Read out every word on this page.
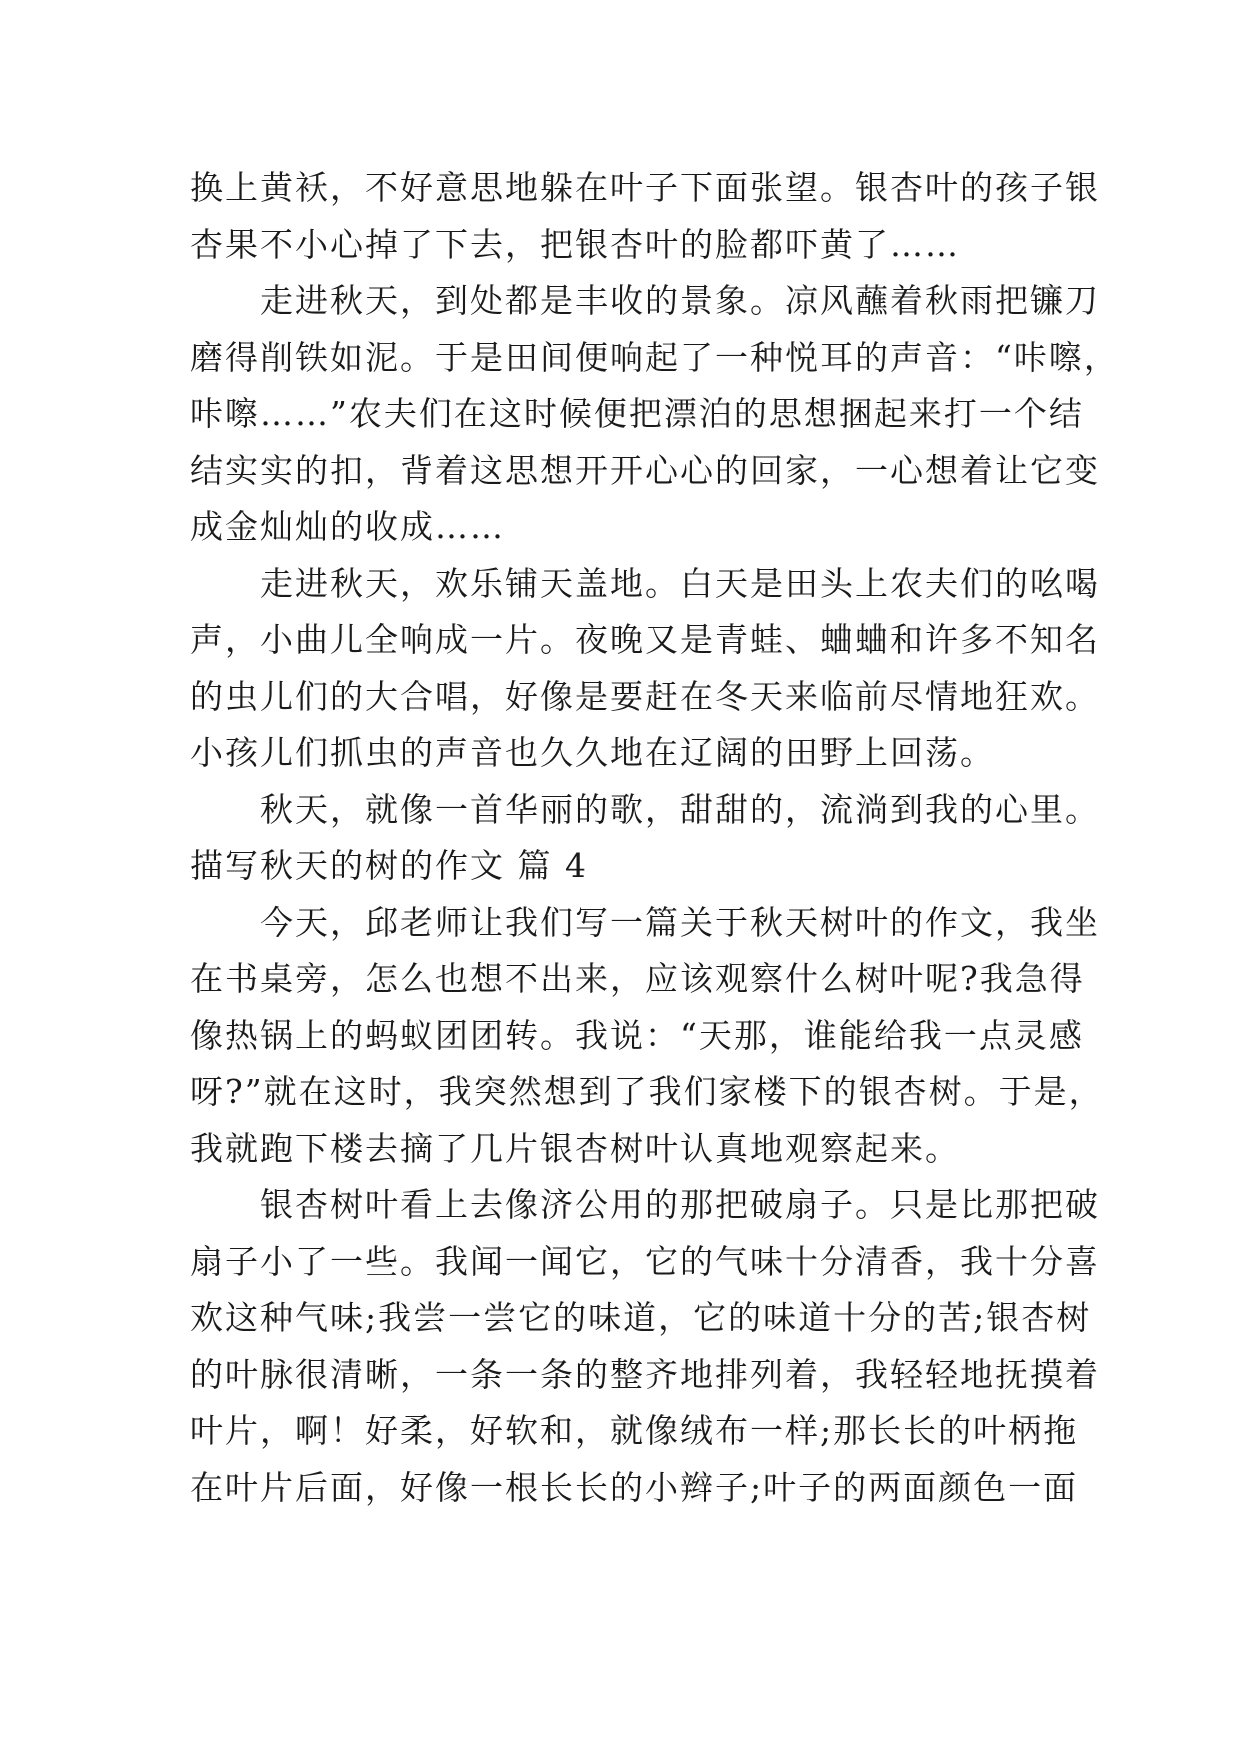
换上黄袄，不好意思地躲在叶子下面张望。银杏叶的孩子银
杏果不小心掉了下去，把银杏叶的脸都吓黄了……
　　走进秋天，到处都是丰收的景象。凉风蘸着秋雨把镰刀
磨得削铁如泥。于是田间便响起了一种悦耳的声音：“咔嚓，
咔嚓……”农夫们在这时候便把漂泊的思想捆起来打一个结
结实实的扣，背着这思想开开心心的回家，一心想着让它变
成金灿灿的收成……
　　走进秋天，欢乐铺天盖地。白天是田头上农夫们的吆喝
声，小曲儿全响成一片。夜晚又是青蛙、蛐蛐和许多不知名
的虫儿们的大合唱，好像是要赶在冬天来临前尽情地狂欢。
小孩儿们抓虫的声音也久久地在辽阔的田野上回荡。
　　秋天，就像一首华丽的歌，甜甜的，流淌到我的心里。
描写秋天的树的作文 篇 4
　　今天，邱老师让我们写一篇关于秋天树叶的作文，我坐
在书桌旁，怎么也想不出来，应该观察什么树叶呢?我急得
像热锅上的蚂蚁团团转。我说：“天那，谁能给我一点灵感
呀?”就在这时，我突然想到了我们家楼下的银杏树。于是，
我就跑下楼去摘了几片银杏树叶认真地观察起来。
　　银杏树叶看上去像济公用的那把破扇子。只是比那把破
扇子小了一些。我闻一闻它，它的气味十分清香，我十分喜
欢这种气味;我尝一尝它的味道，它的味道十分的苦;银杏树
的叶脉很清晰，一条一条的整齐地排列着，我轻轻地抚摸着
叶片，啊！好柔，好软和，就像绒布一样;那长长的叶柄拖
在叶片后面，好像一根长长的小辫子;叶子的两面颜色一面
